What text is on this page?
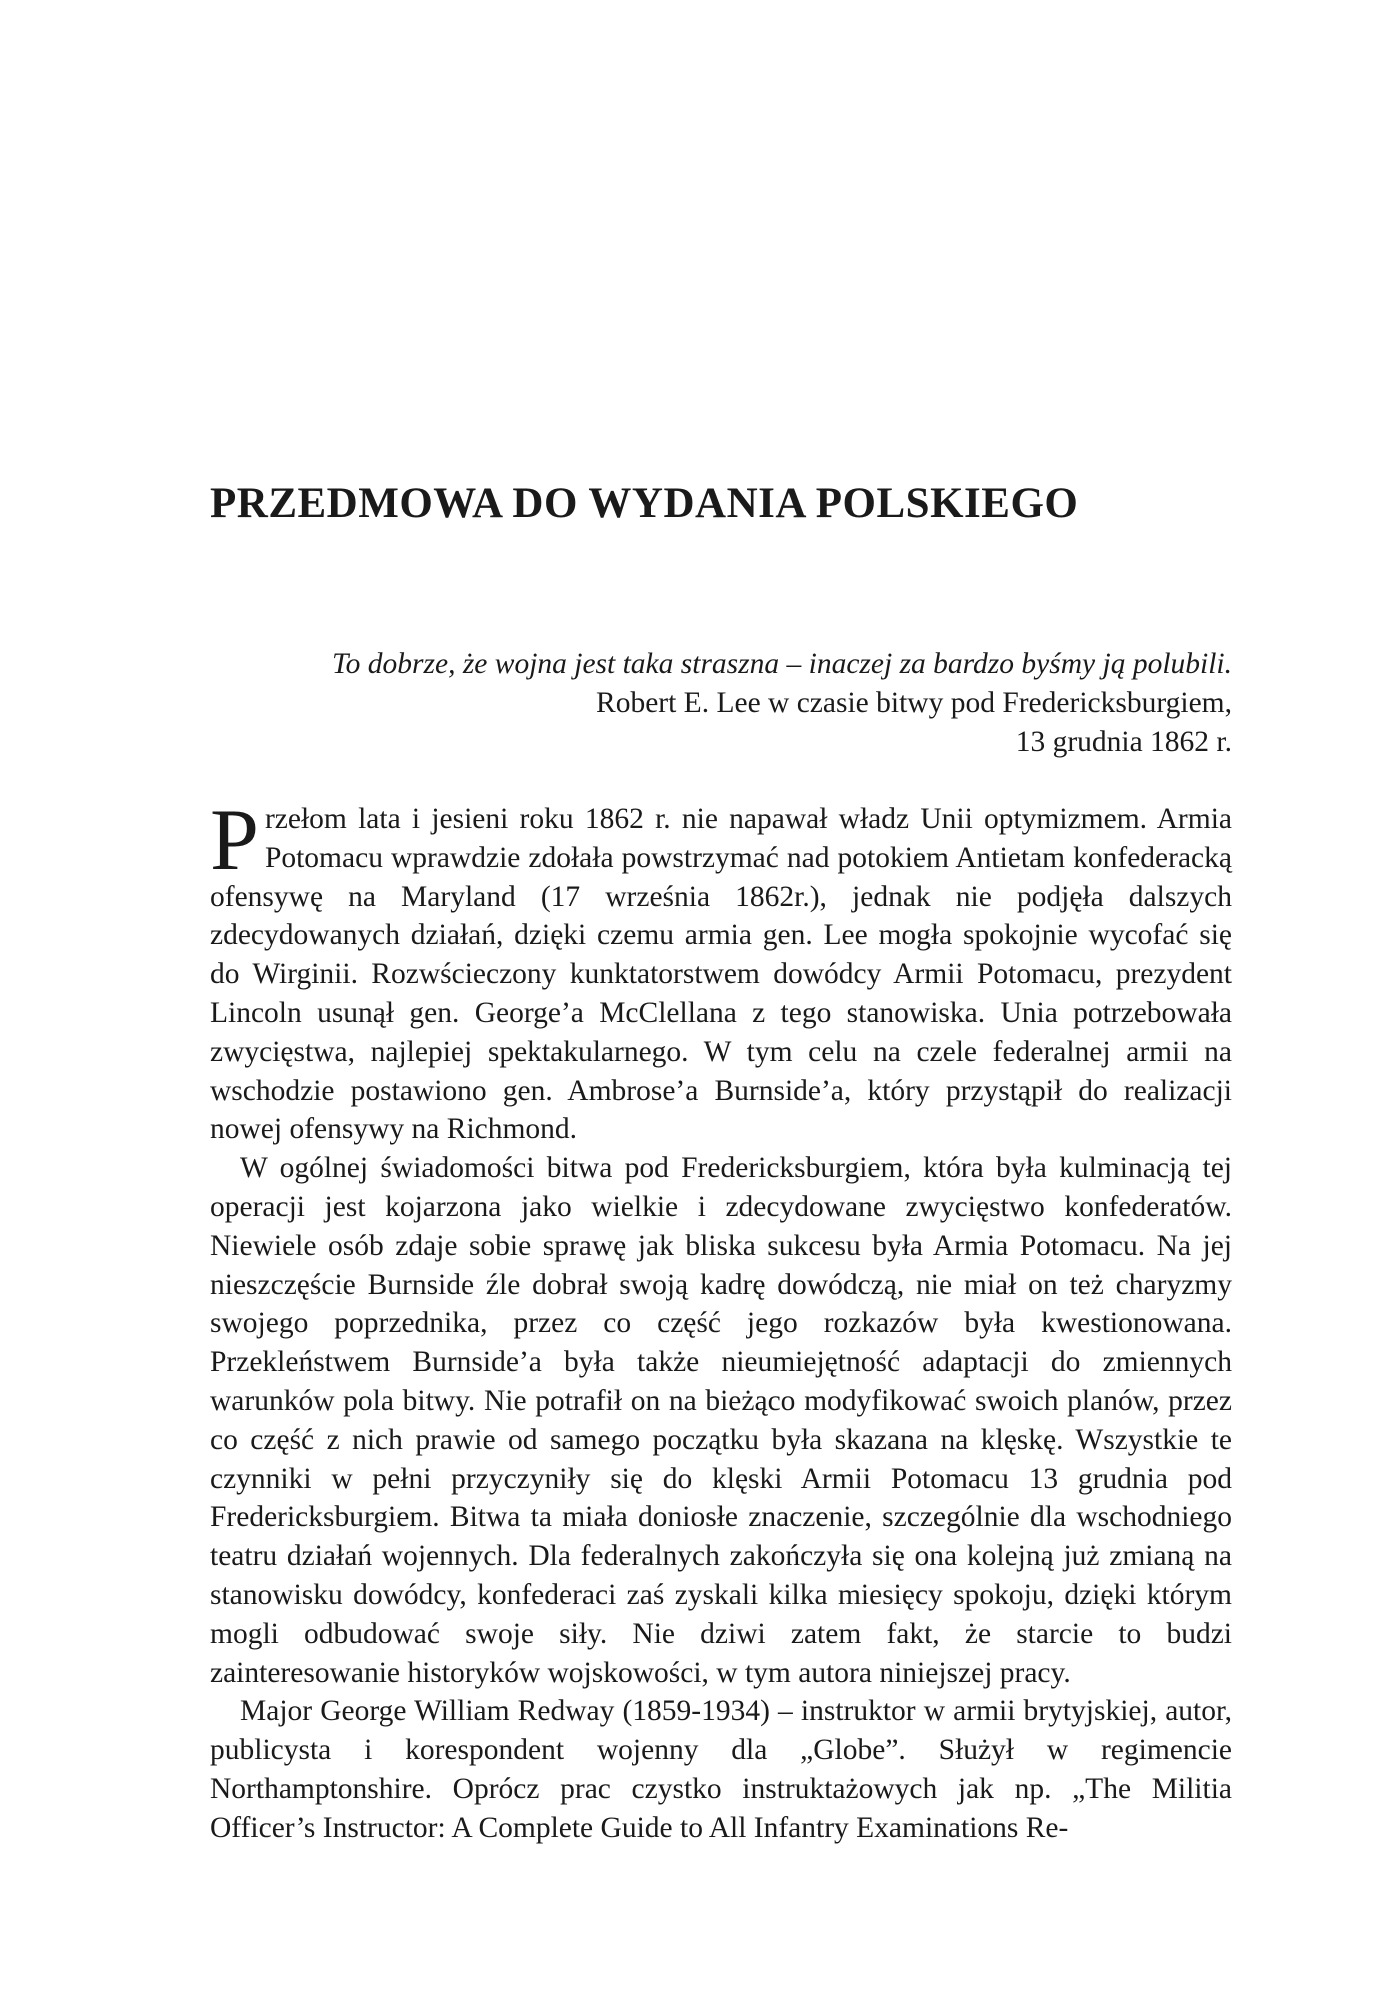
PRZEDMOWA DO WYDANIA POLSKIEGO
To dobrze, że wojna jest taka straszna – inaczej za bardzo byśmy ją polubili.
Robert E. Lee w czasie bitwy pod Fredericksburgiem,
13 grudnia 1862 r.

Przełom lata i jesieni roku 1862 r. nie napawał władz Unii optymizmem. Armia Potomacu wprawdzie zdołała powstrzymać nad potokiem Antietam konfederacką ofensywę na Maryland (17 września 1862r.), jednak nie podjęła dalszych zdecydowanych działań, dzięki czemu armia gen. Lee mogła spokojnie wycofać się do Wirginii. Rozwścieczony kunktatorstwem dowódcy Armii Potomacu, prezydent Lincoln usunął gen. George’a McClellana z tego stanowiska. Unia potrzebowała zwycięstwa, najlepiej spektakularnego. W tym celu na czele federalnej armii na wschodzie postawiono gen. Ambrose’a Burnside’a, który przystąpił do realizacji nowej ofensywy na Richmond.

W ogólnej świadomości bitwa pod Fredericksburgiem, która była kulminacją tej operacji jest kojarzona jako wielkie i zdecydowane zwycięstwo konfederatów. Niewiele osób zdaje sobie sprawę jak bliska sukcesu była Armia Potomacu. Na jej nieszczęście Burnside źle dobrał swoją kadrę dowódczą, nie miał on też charyzmy swojego poprzednika, przez co część jego rozkazów była kwestionowana. Przekleństwem Burnside’a była także nieumiejętność adaptacji do zmiennych warunków pola bitwy. Nie potrafił on na bieżąco modyfikować swoich planów, przez co część z nich prawie od samego początku była skazana na klęskę. Wszystkie te czynniki w pełni przyczyniły się do klęski Armii Potomacu 13 grudnia pod Fredericksburgiem. Bitwa ta miała doniosłe znaczenie, szczególnie dla wschodniego teatru działań wojennych. Dla federalnych zakończyła się ona kolejną już zmianą na stanowisku dowódcy, konfederaci zaś zyskali kilka miesięcy spokoju, dzięki którym mogli odbudować swoje siły. Nie dziwi zatem fakt, że starcie to budzi zainteresowanie historyków wojskowości, w tym autora niniejszej pracy.

Major George William Redway (1859-1934) – instruktor w armii brytyjskiej, autor, publicysta i korespondent wojenny dla „Globe”. Służył w regimencie Northamptonshire. Oprócz prac czystko instruktażowych jak np. „The Militia Officer’s Instructor: A Complete Guide to All Infantry Examinations Re-
